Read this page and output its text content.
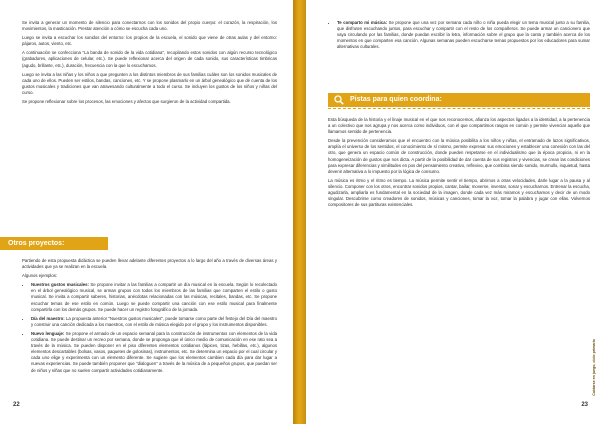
Se invita a generar un momento de silencio para conectarnos con los sonidos del propio cuerpo: el corazón, la respiración, los movimientos, la masticación. Prestar atención a cómo se escucha cada uno.

Luego se invita a escuchar los sonidos del entorno: los propios de la escuela, el sonido que viene de otras aulas y del entorno: pájaros, autos, viento, etc.

A continuación se confecciona "La banda de sonido de la vida cotidiana", recopilando estos sonidos con algún recurso tecnológico (grabadores, aplicaciones de celular, etc.). Se puede reflexionar acerca del origen de cada sonido, sus características timbricas (agudo, brillante, etc.), duración, frecuencia con la que lo escuchamos.

Luego se invita a las niñas y los niños a que pregunten a los distintos miembros de sus familias cuáles son los sonidos musicales de cada uno de ellos. Pueden ser estilos, bandas, canciones, etc. Y se propone plasmarlo en un árbol genealógico que dé cuenta de los gustos musicales y tradiciones que van atravesando culturalmente a todo el curso. Se incluyen los gustos de los niños y niñas del curso.

Se propone reflexionar sobre los procesos, las emociones y afectos que surgieron de la actividad compartida.

Otros proyectos:

Partiendo de esta propuesta didáctica se pueden llevar adelante diferentes proyectos a lo largo del año a través de diversas áreas y actividades que ya se realizan en la escuela.

Algunos ejemplos:

• Nuestros gustos musicales: Se propone invitar a las familias a compartir un día musical en la escuela. Según lo recolectado en el árbol genealógico musical, se arman grupos con todos los miembros de las familias que comparten el estilo o gusto musical. Se invita a compartir saberes, historias, anécdotas relacionadas con las músicas, recitales, bandas, etc. Se propone escuchar temas de ese estilo en común. Luego se puede compartir una canción con ese estilo musical para finalmente compartirla con los demás grupos. Se puede hacer un registro fotográfico de la jornada.
• Día del maestro: La propuesta anterior "Nuestros gustos musicales", puede tomarse como parte del festejo del Día del maestro y construir una canción dedicada a los maestros, con el estilo de música elegido por el grupo y los instrumentos disponibles.
• Nuevo lenguaje: Se propone el armado de un espacio semanal para la construcción de instrumentos con elementos de la vida cotidiana. Se puede destinar un recreo por semana, donde se proponga que el único medio de comunicación en ese rato sea a través de la música. Se pueden disponer en el piso diferentes elementos cotidianos (lápices, tizas, hebillas, etc.), algunos elementos descartables (bolsas, vasos, paquetes de golosinas), instrumentos, etc. Se determina un espacio por el cual circular y cada uno elige y experimenta con un elemento diferente. Se sugiere que los elementos cambien cada día para dar lugar a nuevas experiencias. Se puede también proponer que "dialoguen" a través de la música de a pequeños grupos, que puedan ser de niños y niñas que no suelen compartir actividades cotidianamente.
22
• Te comparto mi música: Se propone que una vez por semana cada niño o niña pueda elegir un tema musical junto a su familia, que disfruten escuchando juntos, para escuchar y compartir con el resto de los compañeros. Se puede armar un cancionero que vaya circulando por las familias, donde puedan escribir la letra, información sobre el grupo que la canta y también acerca de los momentos en que comparten esa canción. Algunas semanas pueden escucharse temas propuestos por los educadores para sumar alternativas culturales.
Pistas para quien coordina:

Esta búsqueda de la historia y el linaje musical en el que nos reconocemos, afianza los aspectos ligados a la identidad, a la pertenencia a un colectivo que nos agrupa y nos acerca como individuos, con el que compartimos rasgos en común y permite vivenciar aquello que llamamos sentido de pertenencia.

Desde la prevención consideramos que el encuentro con la música posibilita a los niños y niñas, el entramado de lazos significativos, amplía el universo de los sentidos, el conocimiento de sí mismo, permite expresar sus emociones y establecer una conexión con las del otro, que genera un espacio común de construcción, donde pueden respetarse en el individualismo que la época propicia, ni en la homogeneización de gustos que nos dicta. A partir de la posibilidad de dar cuenta de sus registros y vivencias, se crean las condiciones para expresar diferencias y similitudes en pos del pensamiento creativo, reflexivo, que combina siendo sonido, murmullo, inquietud, hasta devenir alternativa a lo impuesto por la lógica de consumo.

La música es ritmo y el ritmo es tiempo. La música permite sentir el tiempo, abrirnos a otras velocidades, darle lugar a la pausa y al silencio. Componer con los otros, encontrar sonidos propios, cantar, bailar, moverse, inventar, sonar y escucharnos. Entrenar la escucha, agudizarla, ampliarla es fundamental en la sociedad de la imagen, donde cada vez más miramos y escuchamos y decir de un modo singular. Descubrirse como creadores de sonidos, músicas y canciones, tomar la voz, tomar la palabra y jugar con ellas. Volvernos compositores de sus partituras existenciales.

23
Cuidarse en juego, ciclo primario
